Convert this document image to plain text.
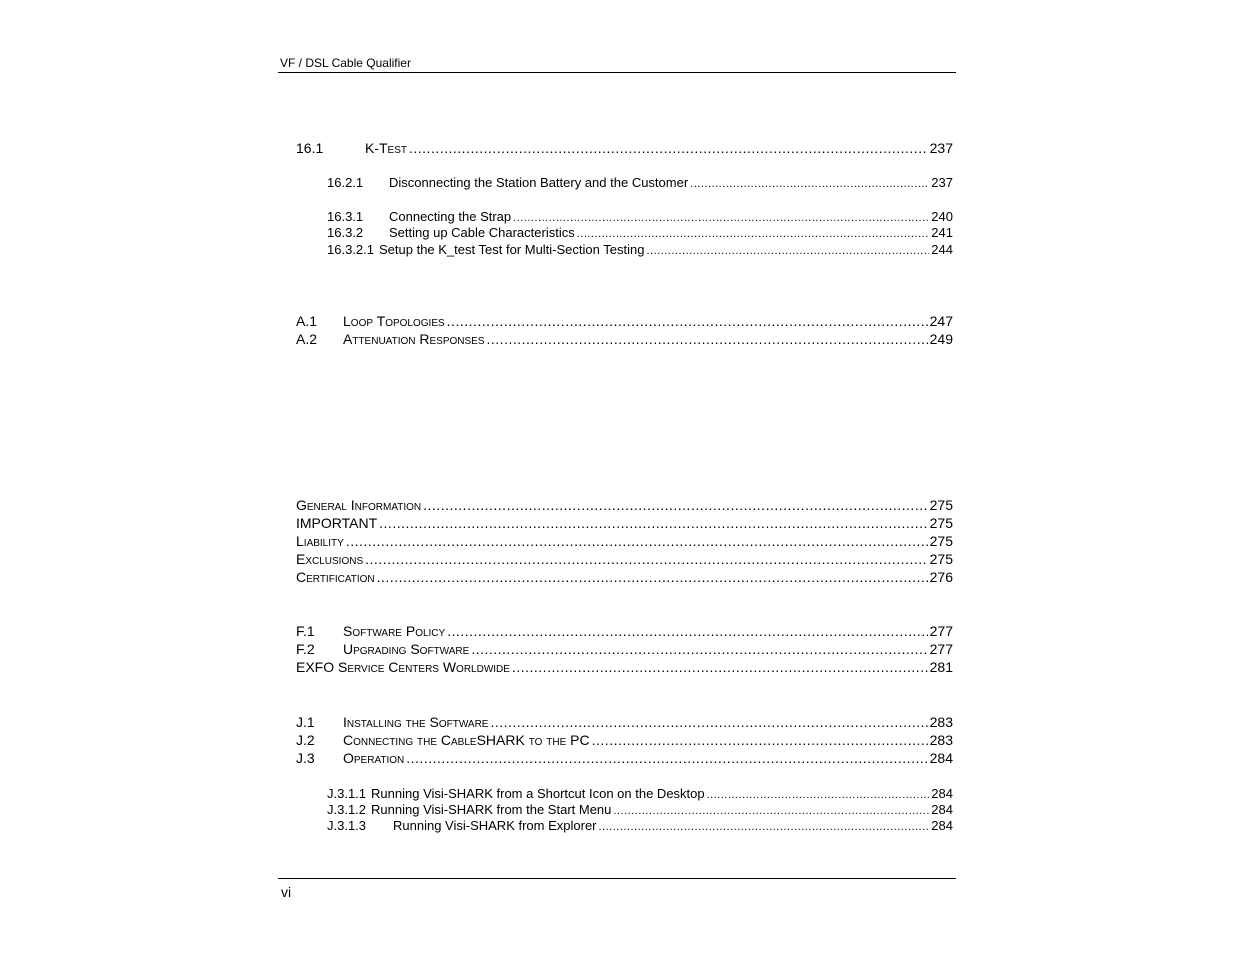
VF / DSL Cable Qualifier
16.1	K-Test .....	237
16.2.1	Disconnecting the Station Battery and the Customer .....	237
16.3.1	Connecting the Strap .....	240
16.3.2	Setting up Cable Characteristics .....	241
16.3.2.1 Setup the K_test Test for Multi-Section Testing .....	244
A.1	Loop Topologies .....	247
A.2	Attenuation Responses .....	249
General Information .....	275
IMPORTANT .....	275
Liability .....	275
Exclusions .....	275
Certification .....	276
F.1	Software Policy .....	277
F.2	Upgrading Software .....	277
EXFO Service Centers Worldwide .....	281
J.1	Installing the Software .....	283
J.2	Connecting the CableSHARK to the PC .....	283
J.3	Operation .....	284
J.3.1.1 Running Visi-SHARK from a Shortcut Icon on the Desktop .....	284
J.3.1.2 Running Visi-SHARK from the Start Menu .....	284
J.3.1.3	Running Visi-SHARK from Explorer .....	284
vi
